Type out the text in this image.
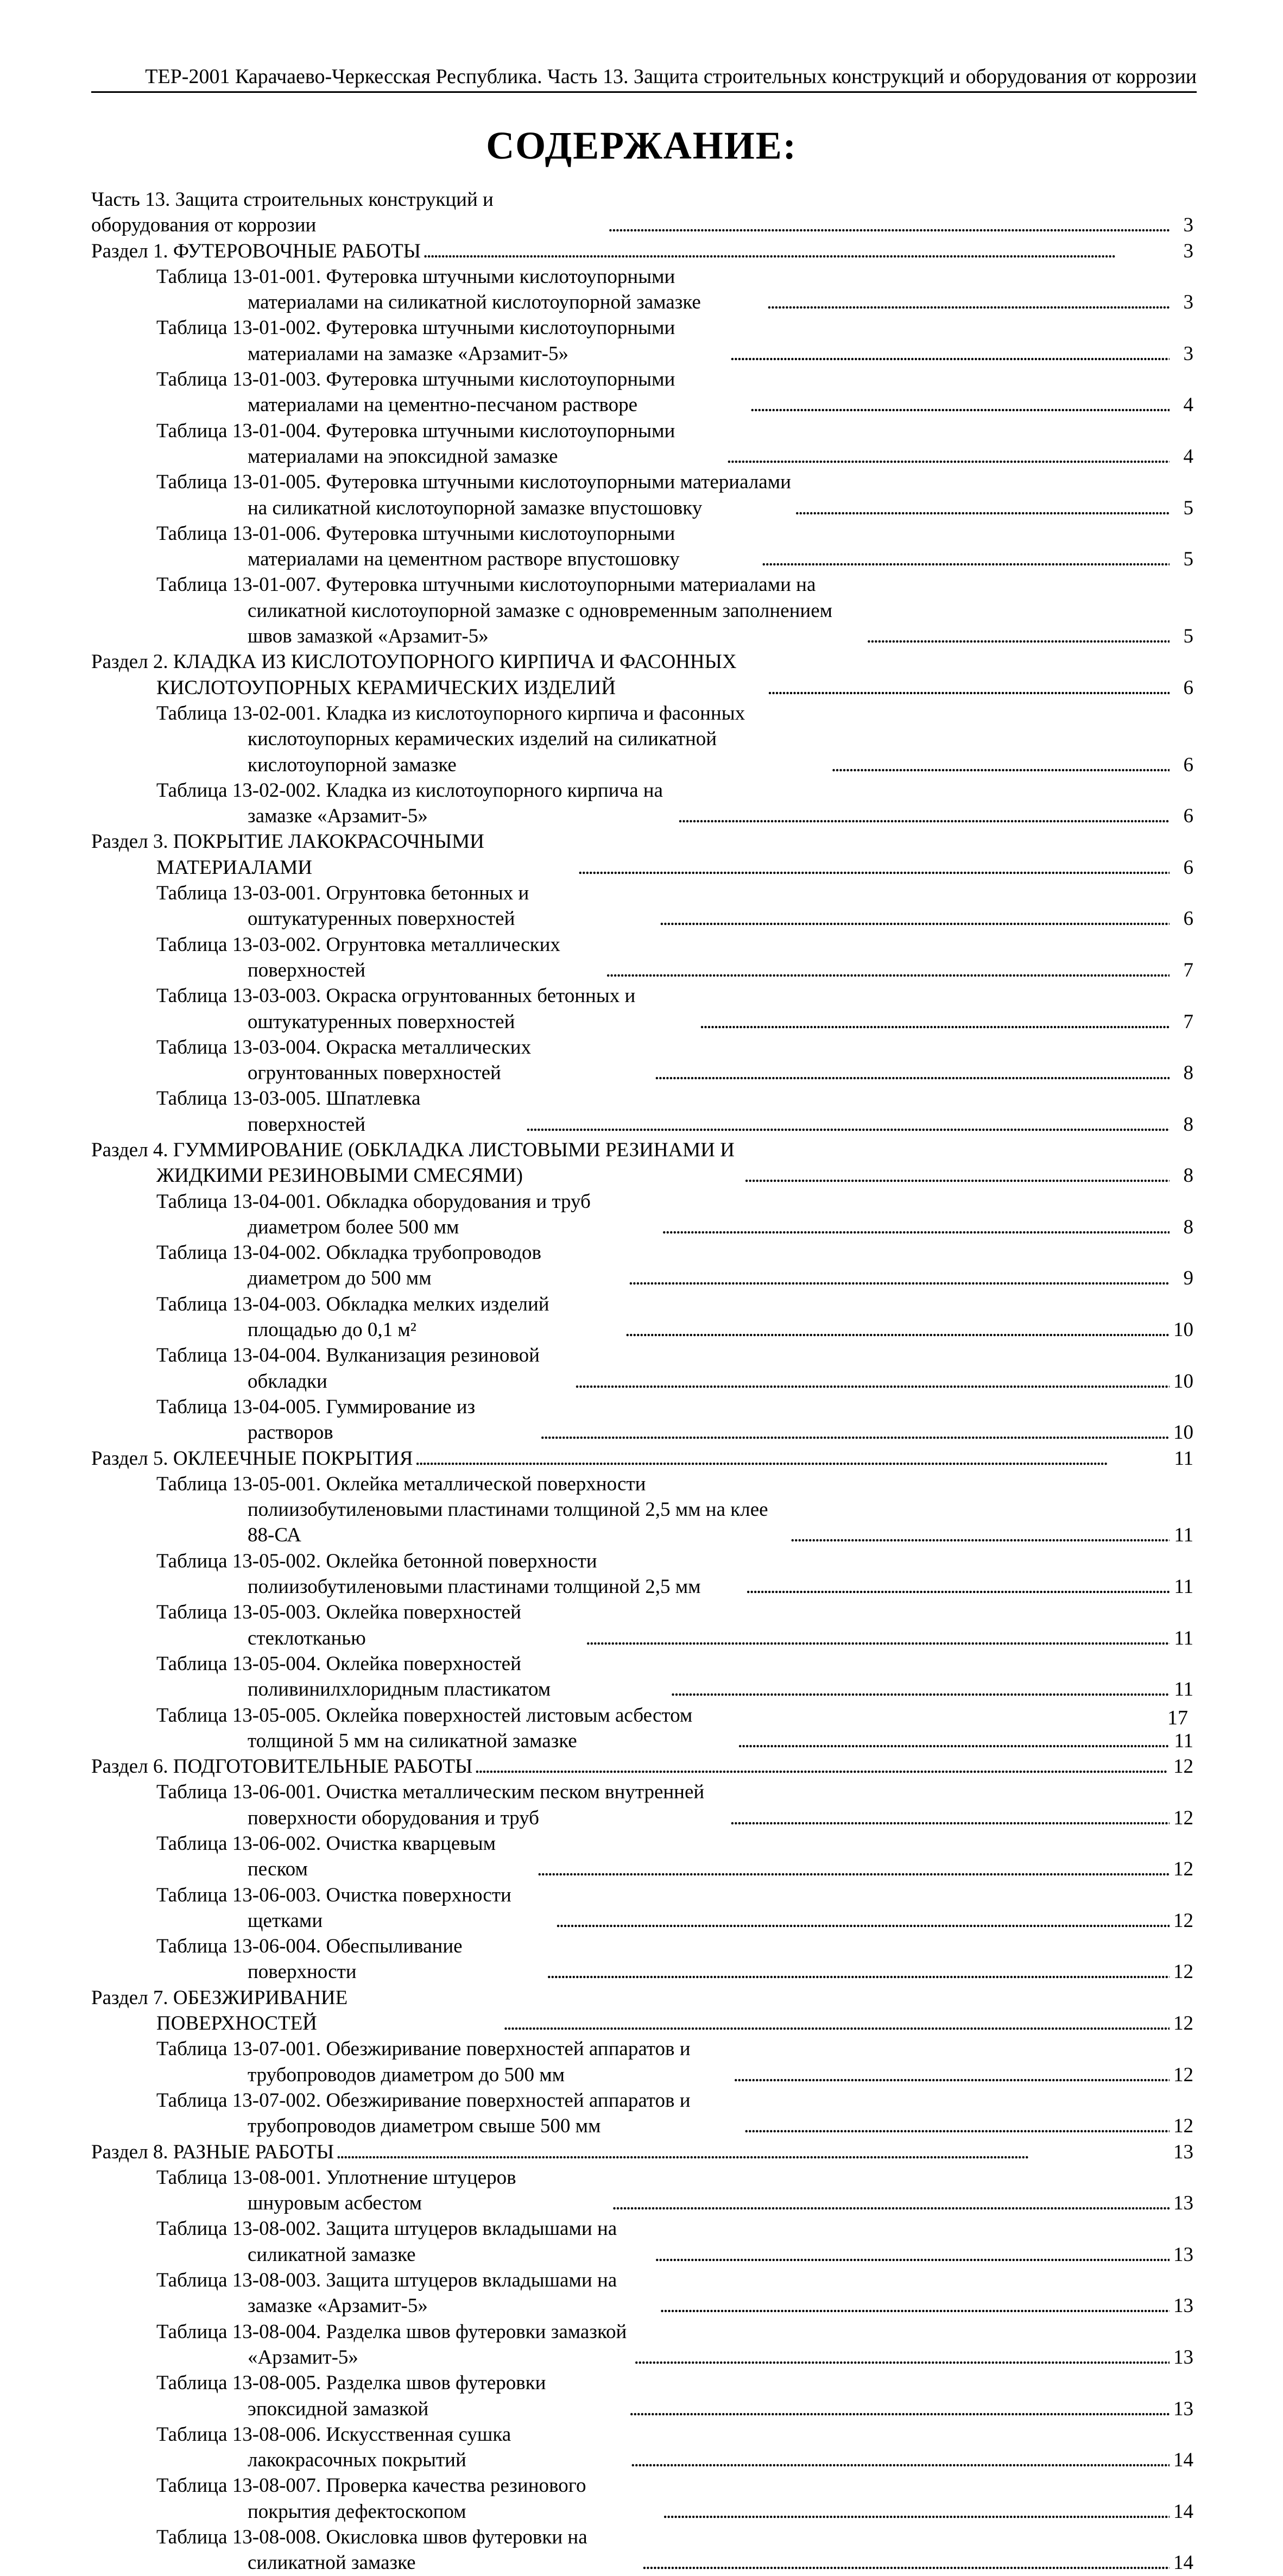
ТЕР-2001 Карачаево-Черкесская Республика. Часть 13. Защита строительных конструкций и оборудования от коррозии
СОДЕРЖАНИЕ:
Часть 13. Защита строительных конструкций и оборудования от коррозии . . .	3
Раздел 1. ФУТЕРОВОЧНЫЕ РАБОТЫ . . .	3
Таблица 13-01-001. Футеровка штучными кислотоупорными материалами на силикатной кислотоупорной замазке . . .	3
Таблица 13-01-002. Футеровка штучными кислотоупорными материалами на замазке «Арзамит-5» . . .	3
Таблица 13-01-003. Футеровка штучными кислотоупорными материалами на цементно-песчаном растворе . . .	4
Таблица 13-01-004. Футеровка штучными кислотоупорными материалами на эпоксидной замазке . . .	4
Таблица 13-01-005. Футеровка штучными кислотоупорными материалами на силикатной кислотоупорной замазке впустошовку . . .	5
Таблица 13-01-006. Футеровка штучными кислотоупорными материалами на цементном растворе впустошовку . . .	5
Таблица 13-01-007. Футеровка штучными кислотоупорными материалами на силикатной кислотоупорной замазке с одновременным заполнением швов замазкой «Арзамит-5» . . .	5
Раздел 2. КЛАДКА ИЗ КИСЛОТОУПОРНОГО КИРПИЧА И ФАСОННЫХ КИСЛОТОУПОРНЫХ КЕРАМИЧЕСКИХ ИЗДЕЛИЙ . . .	6
Таблица 13-02-001. Кладка из кислотоупорного кирпича и фасонных кислотоупорных керамических изделий на силикатной кислотоупорной замазке . . .	6
Таблица 13-02-002. Кладка из кислотоупорного кирпича на замазке «Арзамит-5» . . .	6
Раздел 3. ПОКРЫТИЕ ЛАКОКРАСОЧНЫМИ МАТЕРИАЛАМИ . . .	6
Таблица 13-03-001. Огрунтовка бетонных и оштукатуренных поверхностей . . .	6
Таблица 13-03-002. Огрунтовка металлических поверхностей . . .	7
Таблица 13-03-003. Окраска огрунтованных бетонных и оштукатуренных поверхностей . . .	7
Таблица 13-03-004. Окраска металлических огрунтованных поверхностей . . .	8
Таблица 13-03-005. Шпатлевка поверхностей . . .	8
Раздел 4. ГУММИРОВАНИЕ (ОБКЛАДКА ЛИСТОВЫМИ РЕЗИНАМИ И ЖИДКИМИ РЕЗИНОВЫМИ СМЕСЯМИ) . . .	8
Таблица 13-04-001. Обкладка оборудования и труб диаметром более 500 мм . . .	8
Таблица 13-04-002. Обкладка трубопроводов диаметром до 500 мм . . .	9
Таблица 13-04-003. Обкладка мелких изделий площадью до 0,1 м² . . .	10
Таблица 13-04-004. Вулканизация резиновой обкладки . . .	10
Таблица 13-04-005. Гуммирование из растворов . . .	10
Раздел 5. ОКЛЕЕЧНЫЕ ПОКРЫТИЯ . . .	11
Таблица 13-05-001. Оклейка металлической поверхности полиизобутиленовыми пластинами толщиной 2,5 мм на клее 88-СА . . .	11
Таблица 13-05-002. Оклейка бетонной поверхности полиизобутиленовыми пластинами толщиной 2,5 мм . . .	11
Таблица 13-05-003. Оклейка поверхностей стеклотканью . . .	11
Таблица 13-05-004. Оклейка поверхностей поливинилхлоридным пластикатом . . .	11
Таблица 13-05-005. Оклейка поверхностей листовым асбестом толщиной 5 мм на силикатной замазке . . .	11
Раздел 6. ПОДГОТОВИТЕЛЬНЫЕ РАБОТЫ . . .	12
Таблица 13-06-001. Очистка металлическим песком внутренней поверхности оборудования и труб . . .	12
Таблица 13-06-002. Очистка кварцевым песком . . .	12
Таблица 13-06-003. Очистка поверхности щетками . . .	12
Таблица 13-06-004. Обеспыливание поверхности . . .	12
Раздел 7. ОБЕЗЖИРИВАНИЕ ПОВЕРХНОСТЕЙ . . .	12
Таблица 13-07-001. Обезжиривание поверхностей аппаратов и трубопроводов диаметром до 500 мм . . .	12
Таблица 13-07-002. Обезжиривание поверхностей аппаратов и трубопроводов диаметром свыше 500 мм . . .	12
Раздел 8. РАЗНЫЕ РАБОТЫ . . .	13
Таблица 13-08-001. Уплотнение штуцеров шнуровым асбестом . . .	13
Таблица 13-08-002. Защита штуцеров вкладышами на силикатной замазке . . .	13
Таблица 13-08-003. Защита штуцеров вкладышами на замазке «Арзамит-5» . . .	13
Таблица 13-08-004. Разделка швов футеровки замазкой «Арзамит-5» . . .	13
Таблица 13-08-005. Разделка швов футеровки эпоксидной замазкой . . .	13
Таблица 13-08-006. Искусственная сушка лакокрасочных покрытий . . .	14
Таблица 13-08-007. Проверка качества резинового покрытия дефектоскопом . . .	14
Таблица 13-08-008. Окисловка швов футеровки на силикатной замазке . . .	14
17
